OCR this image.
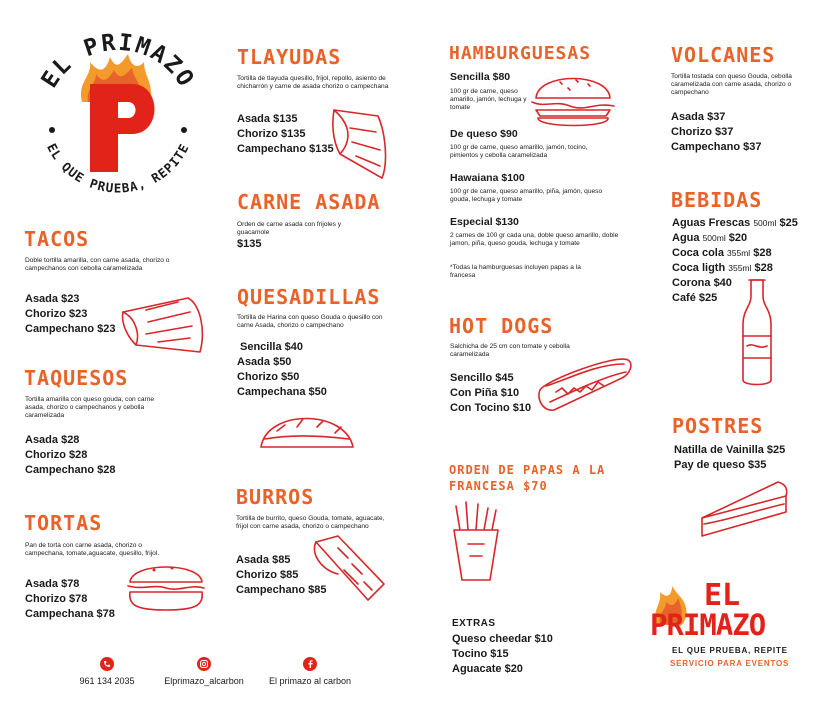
EL PRIMAZO
EL QUE PRUEBA, REPITE
TACOS
Doble tortilla amarilla, con carne asada, chorizo o campechanos con cebolla caramelizada
Asada $23
Chorizo $23
Campechano $23
TAQUESOS
Tortilla amarilla con queso gouda, con carne asada, chorizo o campechanos y cebolla caramelizada
Asada $28
Chorizo $28
Campechano $28
TORTAS
Pan de torta con carne asada, chorizo o campechana, tomate,aguacate, quesillo, frijol.
Asada $78
Chorizo $78
Campechana $78
TLAYUDAS
Tortilla de tlayuda quesillo, frijol, repollo, asiento de chicharrón y carne de asada chorizo o campechana
Asada $135
Chorizo $135
Campechano $135
CARNE ASADA
Orden de carne asada con frijoles y guacamole
$135
QUESADILLAS
Tortilla de Harina con queso Gouda o quesillo con carne Asada, chorizo o campechano
Sencilla $40
Asada $50
Chorizo $50
Campechana $50
BURROS
Tortilla de burrito, queso Gouda, tomate, aguacate, frijol con carne asada, chorizo o campechano
Asada $85
Chorizo $85
Campechano $85
HAMBURGUESAS
Sencilla $80
100 gr de carne, queso amarillo, jamón, lechuga y tomate
De queso $90
100 gr de carne, queso amarillo, jamón, tocino, pimientos y cebolla caramelizada
Hawaiana $100
100 gr de carne, queso amarillo, piña, jamón, queso gouda, lechuga y tomate
Especial $130
2 carnes de 100 gr cada una, doble queso amarillo, doble jamon, piña, queso gouda, lechuga y tomate
*Todas la hamburguesas incluyen papas a la francesa
HOT DOGS
Salchicha de 25 cm con tomate y cebolla caramelizada
Sencillo $45
Con Piña $10
Con Tocino $10
ORDEN DE PAPAS A LA FRANCESA $70
EXTRAS
Queso cheedar $10
Tocino $15
Aguacate $20
VOLCANES
Tortilla tostada con queso Gouda, cebolla caramelizada con carne asada, chorizo o campechano
Asada $37
Chorizo $37
Campechano $37
BEBIDAS
Aguas Frescas 500ml $25
Agua 500ml $20
Coca cola 355ml $28
Coca ligth 355ml $28
Corona $40
Café $25
POSTRES
Natilla de Vainilla $25
Pay de queso $35
EL
PRIMAZO
EL QUE PRUEBA, REPITE
SERVICIO PARA EVENTOS
961 134 2035	Elprimazo_alcarbon	El primazo al carbon
